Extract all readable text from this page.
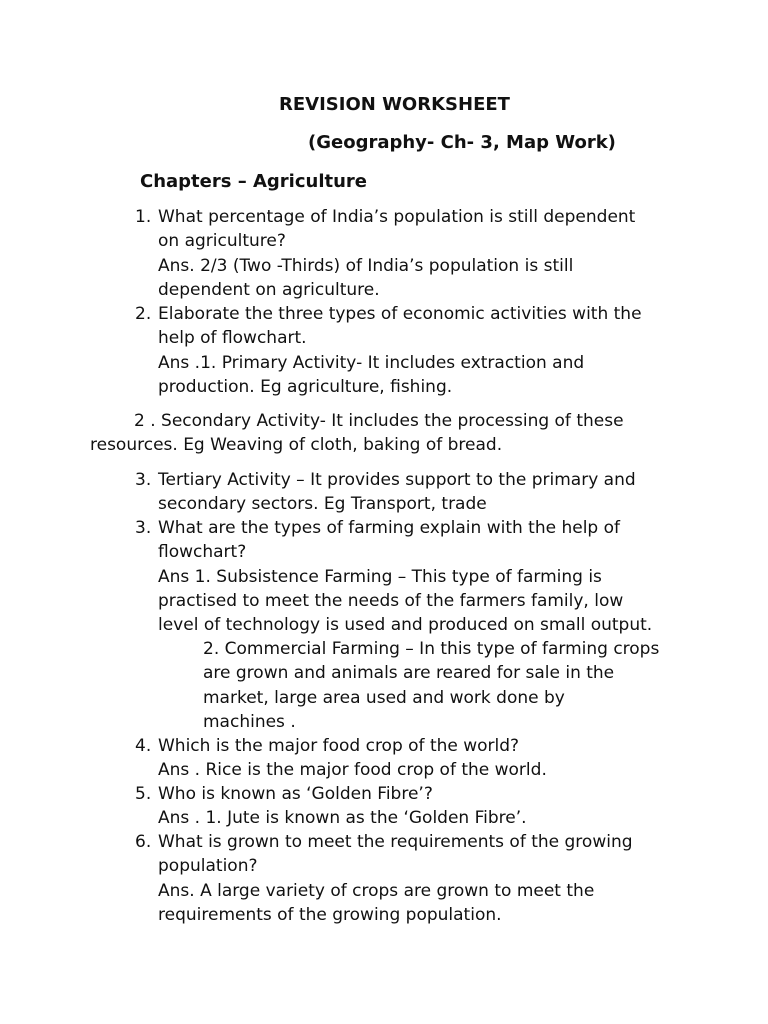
REVISION WORKSHEET
(Geography- Ch- 3, Map Work)
Chapters – Agriculture
1. What percentage of India’s population is still dependent
on agriculture?
Ans. 2/3 (Two -Thirds) of India’s population is still
dependent on agriculture.
2. Elaborate the three types of economic activities with the
help of flowchart.
Ans .1. Primary Activity- It includes extraction and
production. Eg agriculture, fishing.
2 . Secondary Activity- It includes the processing of these
resources. Eg Weaving of cloth, baking of bread.
3. Tertiary Activity – It provides support to the primary and
secondary sectors. Eg Transport, trade
3. What are the types of farming explain with the help of
flowchart?
Ans 1. Subsistence Farming – This type of farming is
practised to meet the needs of the farmers family, low
level of technology is used and produced on small output.
2. Commercial Farming – In this type of farming crops
are grown and animals are reared for sale in the
market, large area used and work done by
machines .
4. Which is the major food crop of the world?
Ans . Rice is the major food crop of the world.
5. Who is known as ‘Golden Fibre’?
Ans . 1. Jute is known as the ‘Golden Fibre’.
6. What is grown to meet the requirements of the growing
population?
Ans. A large variety of crops are grown to meet the
requirements of the growing population.
